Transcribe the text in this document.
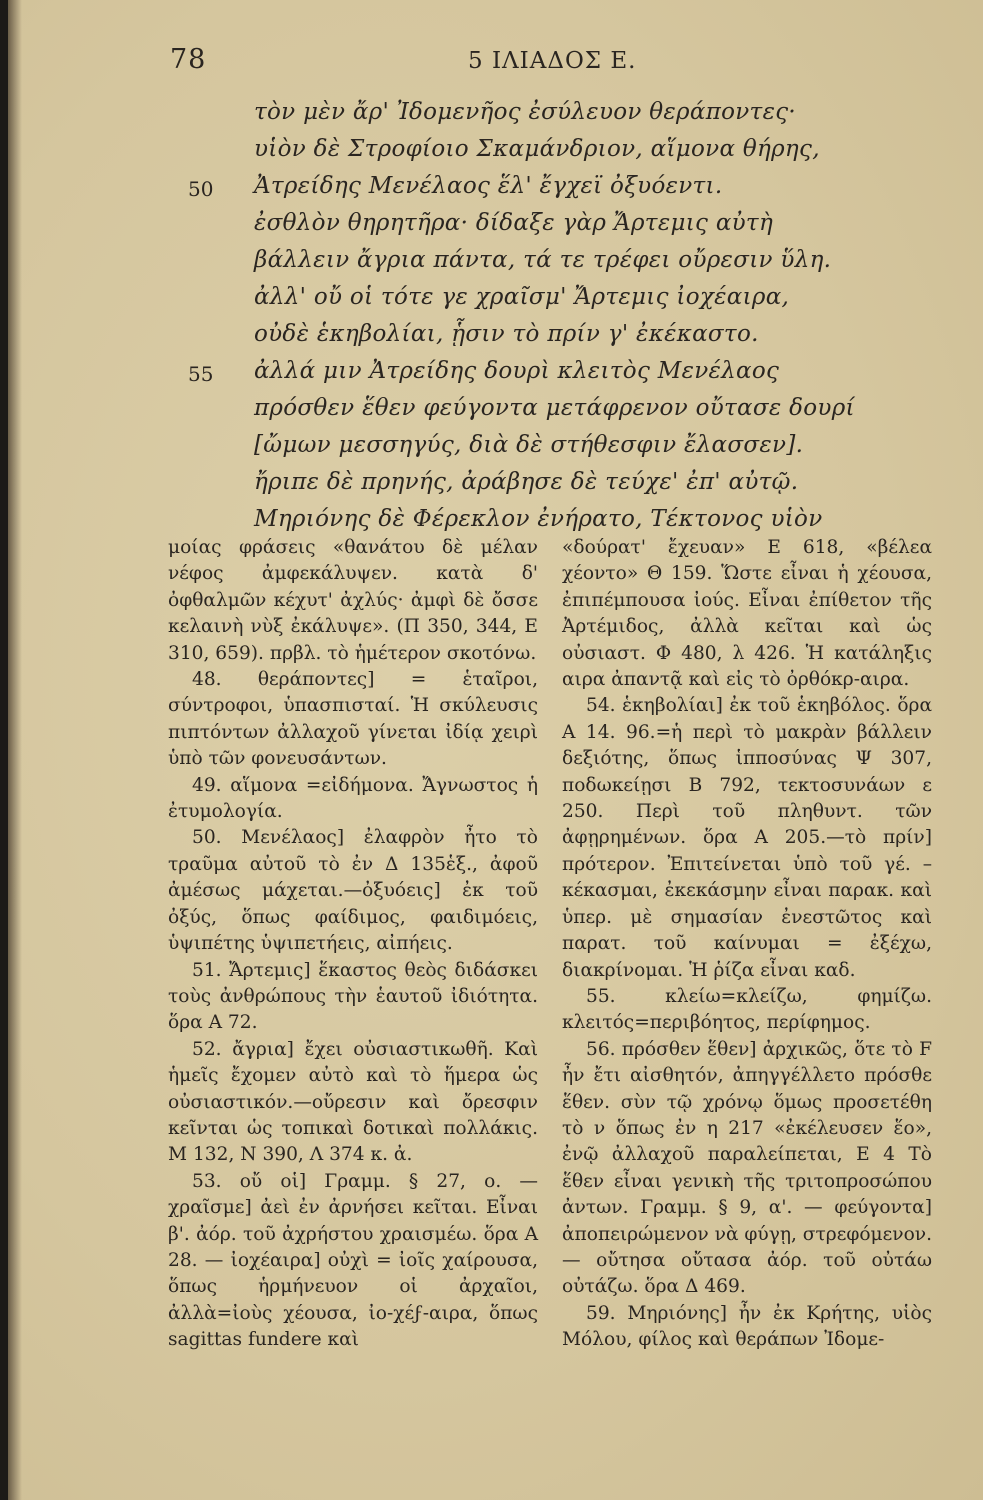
78	5 ΙΛΙΑΔΟΣ Ε.
τὸν μὲν ἄρ' Ἰδομενῆος ἐσύλευον θεράποντες·
υἱὸν δὲ Στροφίοιο Σκαμάνδριον, αἵμονα θήρης,
50 Ἀτρείδης Μενέλαος ἕλ' ἔγχεϊ ὀξυόεντι.
ἐσθλὸν θηρητῆρα· δίδαξε γὰρ Ἄρτεμις αὐτὴ
βάλλειν ἄγρια πάντα, τά τε τρέφει οὔρεσιν ὕλη.
ἀλλ' οὔ οἱ τότε γε χραῖσμ' Ἄρτεμις ἰοχέαιρα,
οὐδὲ ἑκηβολίαι, ᾗσιν τὸ πρίν γ' ἐκέκαστο.
55 ἀλλά μιν Ἀτρείδης δουρὶ κλειτὸς Μενέλαος
πρόσθεν ἕθεν φεύγοντα μετάφρενον οὔτασε δουρί
[ὤμων μεσσηγύς, διὰ δὲ στήθεσφιν ἔλασσεν].
ἤριπε δὲ πρηνής, ἀράβησε δὲ τεύχε' ἐπ' αὐτῷ.
Μηριόνης δὲ Φέρεκλον ἐνήρατο, Τέκτονος υἱὸν

μοίας φράσεις «θανάτου δὲ μέλαν νέφος ἀμφεκάλυψεν. κατὰ δ' ὀφθαλμῶν κέχυτ' ἀχλύς· ἀμφὶ δὲ ὄσσε κελαινὴ νὺξ ἐκάλυψε». (Π 350, 344, Ε 310, 659). πρβλ. τὸ ἡμέτερον σκοτόνω.

48. θεράποντες] = ἑταῖροι, σύντροφοι, ὑπασπισταί. Ἡ σκύλευσις πιπτόντων ἀλλαχοῦ γίνεται ἰδίᾳ χειρὶ ὑπὸ τῶν φονευσάντων.

49. αἵμονα =εἰδήμονα. Ἄγνωστος ἡ ἐτυμολογία.

50. Μενέλαος] ἐλαφρὸν ἦτο τὸ τραῦμα αὐτοῦ τὸ ἐν Δ 135ἑξ., ἀφοῦ ἀμέσως μάχεται.—ὀξυόεις] ἐκ τοῦ ὀξύς, ὅπως φαίδιμος, φαιδιμόεις, ὑψιπέτης ὑψιπετήεις, αἰπήεις.

51. Ἄρτεμις] ἕκαστος θεὸς διδάσκει τοὺς ἀνθρώπους τὴν ἑαυτοῦ ἰδιότητα. ὅρα Α 72.

52. ἄγρια] ἔχει οὐσιαστικωθῆ. Καὶ ἡμεῖς ἔχομεν αὐτὸ καὶ τὸ ἥμερα ὡς οὐσιαστικόν.—οὔρεσιν καὶ ὄρεσφιν κεῖνται ὡς τοπικαὶ δοτικαὶ πολλάκις. Μ 132, Ν 390, Λ 374 κ. ἀ.

53. οὔ οἱ] Γραμμ. § 27, ο. — χραῖσμε] ἀεὶ ἐν ἀρνήσει κεῖται. Εἶναι β'. ἀόρ. τοῦ ἀχρήστου χραισμέω. ὅρα Α 28. — ἰοχέαιρα] οὐχὶ = ἰοῖς χαίρουσα, ὅπως ἡρμήνευον οἱ ἀρχαῖοι, ἀλλὰ=ἰοὺς χέουσα, ἰο-χέϝ-αιρα, ὅπως sagittas fundere καὶ

«δούρατ' ἔχευαν» Ε 618, «βέλεα χέοντο» Θ 159. Ὥστε εἶναι ἡ χέουσα, ἐπιπέμπουσα ἰούς. Εἶναι ἐπίθετον τῆς Ἀρτέμιδος, ἀλλὰ κεῖται καὶ ὡς οὐσιαστ. Φ 480, λ 426. Ἡ κατάληξις αιρα ἀπαντᾷ καὶ εἰς τὸ ὀρθόκρ-αιρα.

54. ἑκηβολίαι] ἐκ τοῦ ἑκηβόλος. ὅρα Α 14. 96.=ἡ περὶ τὸ μακρὰν βάλλειν δεξιότης, ὅπως ἱπποσύνας Ψ 307, ποδωκείῃσι Β 792, τεκτοσυνάων ε 250. Περὶ τοῦ πληθυντ. τῶν ἀφῃρημένων. ὅρα Α 205.—τὸ πρίν] πρότερον. Ἐπιτείνεται ὑπὸ τοῦ γέ. – κέκασμαι, ἐκεκάσμην εἶναι παρακ. καὶ ὑπερ. μὲ σημασίαν ἐνεστῶτος καὶ παρατ. τοῦ καίνυμαι = ἐξέχω, διακρίνομαι. Ἡ ῥίζα εἶναι καδ.

55. κλείω=κλείζω, φημίζω. κλειτός=περιβόητος, περίφημος.

56. πρόσθεν ἕθεν] ἀρχικῶς, ὅτε τὸ F ἦν ἔτι αἰσθητόν, ἀπηγγέλλετο πρόσθε ἕθεν. σὺν τῷ χρόνῳ ὅμως προσετέθη τὸ ν ὅπως ἐν η 217 «ἐκέλευσεν ἕο», ἐνῷ ἀλλαχοῦ παραλείπεται, Ε 4 Τὸ ἕθεν εἶναι γενικὴ τῆς τριτοπροσώπου ἀντων. Γραμμ. § 9, α'. — φεύγοντα] ἀποπειρώμενον νὰ φύγῃ, στρεφόμενον. — οὔτησα οὔτασα ἀόρ. τοῦ οὐτάω οὐτάζω. ὅρα Δ 469.

59. Μηριόνης] ἦν ἐκ Κρήτης, υἱὸς Μόλου, φίλος καὶ θεράπων Ἰδομε-
